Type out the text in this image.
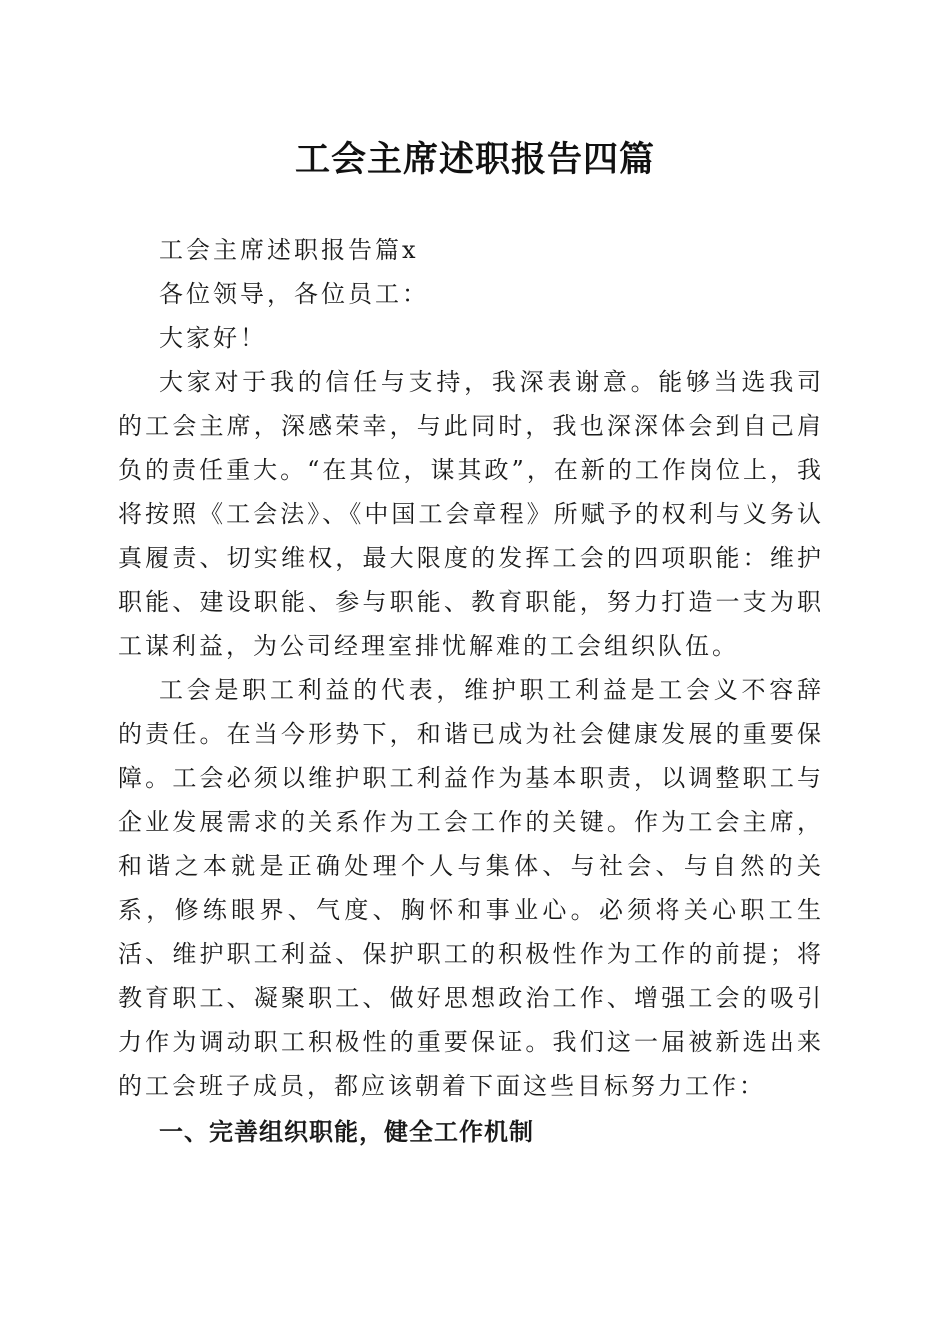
工会主席述职报告四篇

工会主席述职报告篇x

各位领导，各位员工：

大家好！

大家对于我的信任与支持，我深表谢意。能够当选我司的工会主席，深感荣幸，与此同时，我也深深体会到自己肩负的责任重大。“在其位，谋其政”，在新的工作岗位上，我将按照《工会法》、《中国工会章程》所赋予的权利与义务认真履责、切实维权，最大限度的发挥工会的四项职能：维护职能、建设职能、参与职能、教育职能，努力打造一支为职工谋利益，为公司经理室排忧解难的工会组织队伍。

工会是职工利益的代表，维护职工利益是工会义不容辞的责任。在当今形势下，和谐已成为社会健康发展的重要保障。工会必须以维护职工利益作为基本职责，以调整职工与企业发展需求的关系作为工会工作的关键。作为工会主席，和谐之本就是正确处理个人与集体、与社会、与自然的关系，修练眼界、气度、胸怀和事业心。必须将关心职工生活、维护职工利益、保护职工的积极性作为工作的前提；将教育职工、凝聚职工、做好思想政治工作、增强工会的吸引力作为调动职工积极性的重要保证。我们这一届被新选出来的工会班子成员，都应该朝着下面这些目标努力工作：

一、完善组织职能，健全工作机制
